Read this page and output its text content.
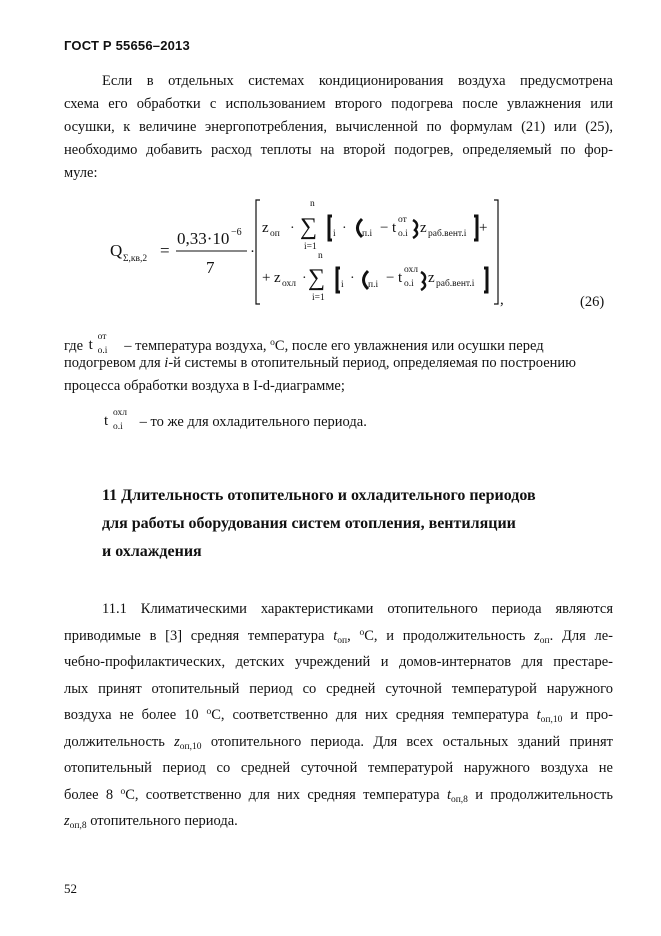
ГОСТ Р 55656–2013
Если в отдельных системах кондиционирования воздуха предусмотрена
схема его обработки с использованием второго подогрева после увлажнения или
осушки, к величине энергопотребления, вычисленной по формулам (21) или (25),
необходимо добавить расход теплоты на второй подогрев, определяемый по фор-
муле:
Q Σ,кв,2 =
0,33·10 −6
7
·
z оп ·
n
∑
i=1
i · п.i − t от
о.i z раб.вент.i +
+ z охл ·
n
∑
i=1
i · п.i − t охл
о.i z раб.вент.i
,	(26)
где t от
о.i – температура воздуха, $^o$С, после его увлажнения или осушки перед
подогревом для i-й системы в отопительный период, определяемая по построению
процесса обработки воздуха в I-d-диаграмме;
t охл
о.i – то же для охладительного периода.
11 Длительность отопительного и охладительного периодов
для работы оборудования систем отопления, вентиляции
и охлаждения
11.1 Климатическими характеристиками отопительного периода являются
приводимые в [3] средняя температура $t_{оп}$, $^o$С, и продолжительность $z_{оп}$. Для ле-
чебно-профилактических, детских учреждений и домов-интернатов для престаре-
лых принят отопительный период со средней суточной температурой наружного
воздуха не более 10 $^o$С, соответственно для них средняя температура $t_{оп,10}$ и про-
должительность $z_{оп,10}$ отопительного периода. Для всех остальных зданий принят
отопительный период со средней суточной температурой наружного воздуха не
более 8 $^o$С, соответственно для них средняя температура $t_{оп,8}$ и продолжительность
$z_{оп,8}$ отопительного периода.
52
